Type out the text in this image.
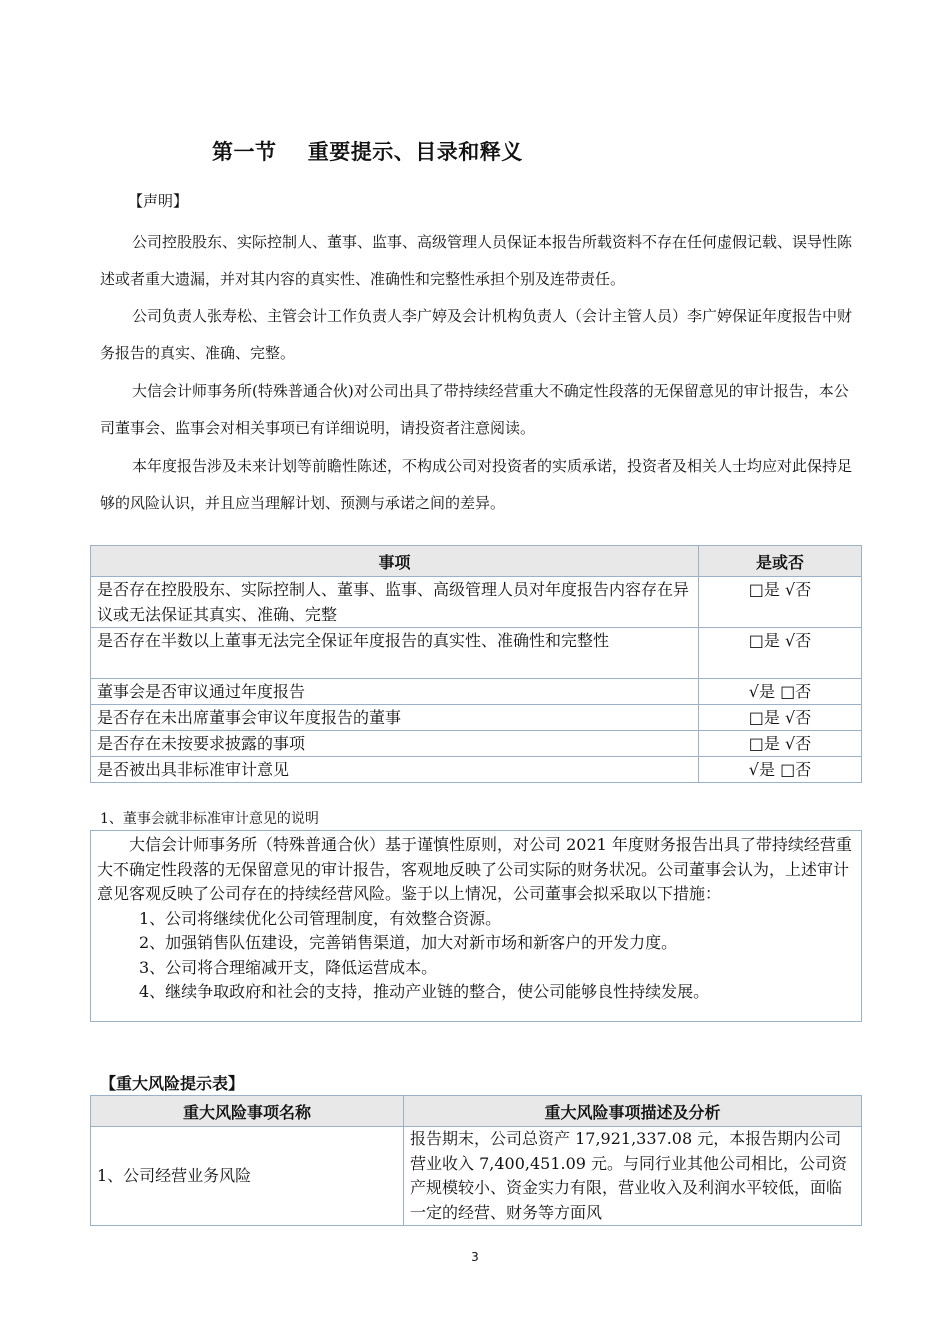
第一节    重要提示、目录和释义
【声明】
公司控股股东、实际控制人、董事、监事、高级管理人员保证本报告所载资料不存在任何虚假记载、误导性陈述或者重大遗漏，并对其内容的真实性、准确性和完整性承担个别及连带责任。
公司负责人张寿松、主管会计工作负责人李广婷及会计机构负责人（会计主管人员）李广婷保证年度报告中财务报告的真实、准确、完整。
大信会计师事务所(特殊普通合伙)对公司出具了带持续经营重大不确定性段落的无保留意见的审计报告，本公司董事会、监事会对相关事项已有详细说明，请投资者注意阅读。
本年度报告涉及未来计划等前瞻性陈述，不构成公司对投资者的实质承诺，投资者及相关人士均应对此保持足够的风险认识，并且应当理解计划、预测与承诺之间的差异。
事项	是或否
是否存在控股股东、实际控制人、董事、监事、高级管理人员对年度报告内容存在异议或无法保证其真实、准确、完整	□是 √否
是否存在半数以上董事无法完全保证年度报告的真实性、准确性和完整性	□是 √否
董事会是否审议通过年度报告	√是 □否
是否存在未出席董事会审议年度报告的董事	□是 √否
是否存在未按要求披露的事项	□是 √否
是否被出具非标准审计意见	√是 □否
1、董事会就非标准审计意见的说明
大信会计师事务所（特殊普通合伙）基于谨慎性原则，对公司 2021 年度财务报告出具了带持续经营重大不确定性段落的无保留意见的审计报告，客观地反映了公司实际的财务状况。公司董事会认为，上述审计意见客观反映了公司存在的持续经营风险。鉴于以上情况，公司董事会拟采取以下措施：
1、公司将继续优化公司管理制度，有效整合资源。
2、加强销售队伍建设，完善销售渠道，加大对新市场和新客户的开发力度。
3、公司将合理缩减开支，降低运营成本。
4、继续争取政府和社会的支持，推动产业链的整合，使公司能够良性持续发展。
【重大风险提示表】
重大风险事项名称	重大风险事项描述及分析
1、公司经营业务风险	报告期末，公司总资产 17,921,337.08 元，本报告期内公司营业收入 7,400,451.09 元。与同行业其他公司相比，公司资产规模较小、资金实力有限，营业收入及利润水平较低，面临一定的经营、财务等方面风
3
